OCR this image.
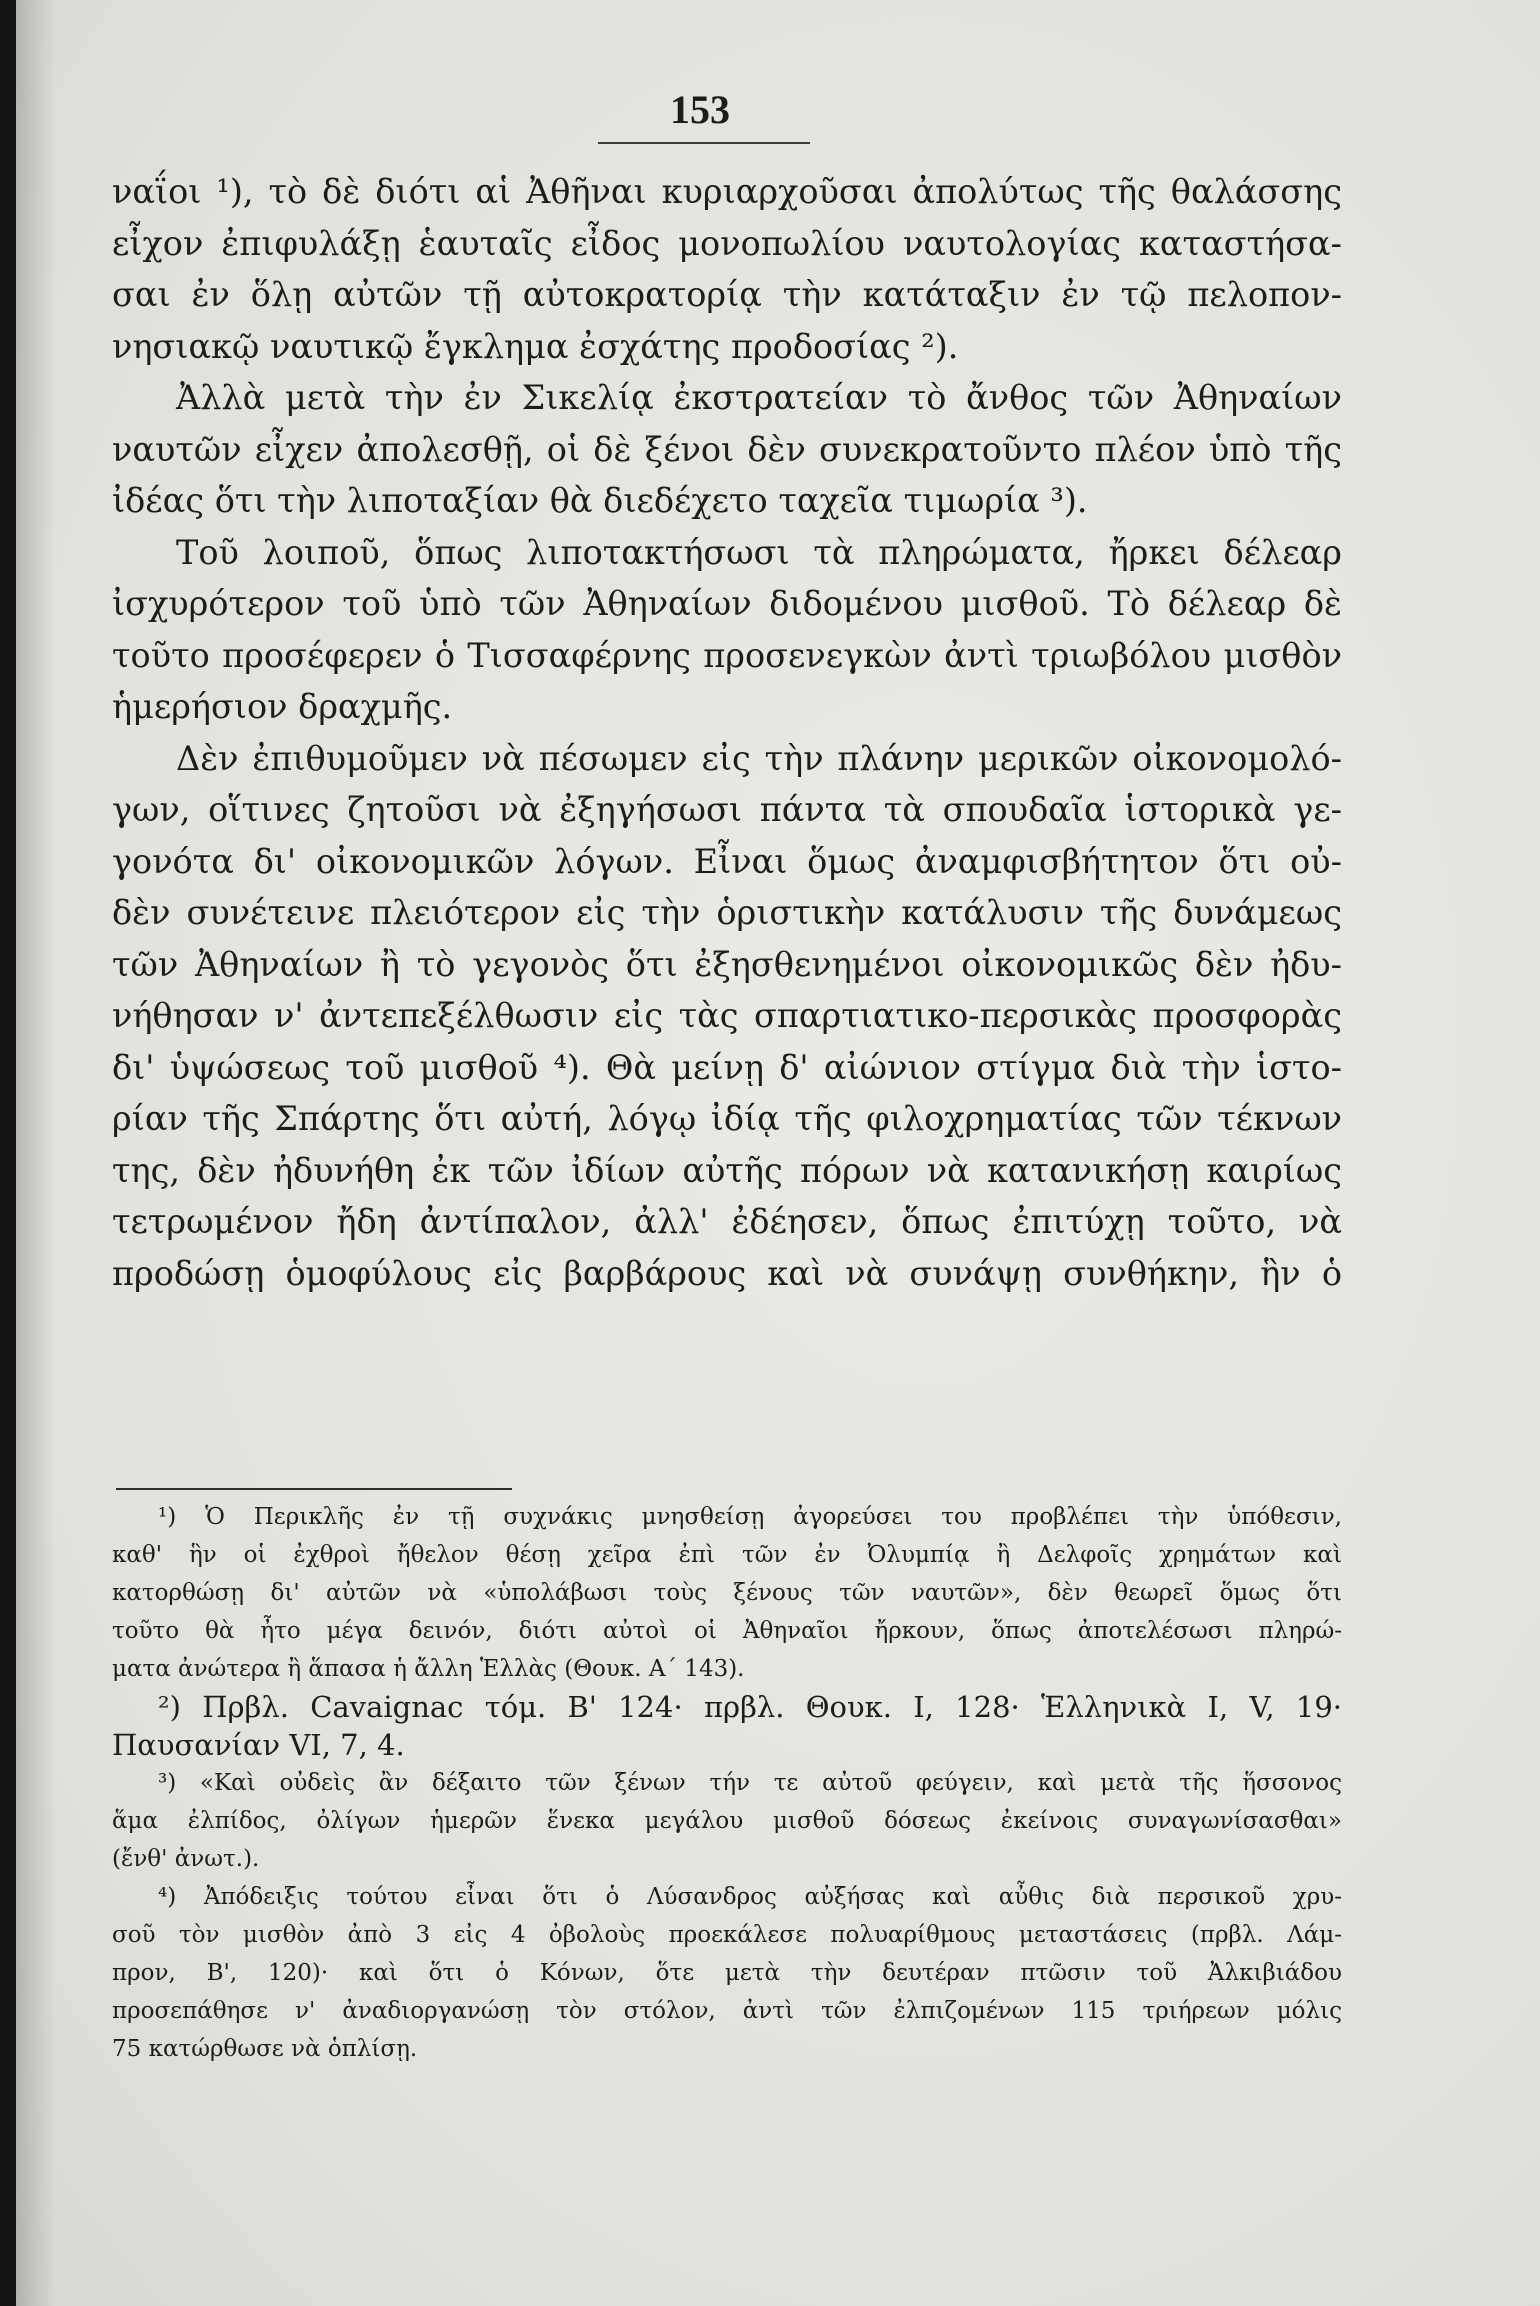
153
ναΐοι ¹), τὸ δὲ διότι αἱ Ἀθῆναι κυριαρχοῦσαι ἀπολύτως τῆς θαλάσσης
εἶχον ἐπιφυλάξῃ ἑαυταῖς εἶδος μονοπωλίου ναυτολογίας καταστήσα-
σαι ἐν ὅλῃ αὐτῶν τῇ αὐτοκρατορίᾳ τὴν κατάταξιν ἐν τῷ πελοπον-
νησιακῷ ναυτικῷ ἔγκλημα ἐσχάτης προδοσίας ²).
Ἀλλὰ μετὰ τὴν ἐν Σικελίᾳ ἐκστρατείαν τὸ ἄνθος τῶν Ἀθηναίων
ναυτῶν εἶχεν ἀπολεσθῇ, οἱ δὲ ξένοι δὲν συνεκρατοῦντο πλέον ὑπὸ τῆς
ἰδέας ὅτι τὴν λιποταξίαν θὰ διεδέχετο ταχεῖα τιμωρία ³).
Τοῦ λοιποῦ, ὅπως λιποτακτήσωσι τὰ πληρώματα, ἤρκει δέλεαρ
ἰσχυρότερον τοῦ ὑπὸ τῶν Ἀθηναίων διδομένου μισθοῦ. Τὸ δέλεαρ δὲ
τοῦτο προσέφερεν ὁ Τισσαφέρνης προσενεγκὼν ἀντὶ τριωβόλου μισθὸν
ἡμερήσιον δραχμῆς.
Δὲν ἐπιθυμοῦμεν νὰ πέσωμεν εἰς τὴν πλάνην μερικῶν οἰκονομολό-
γων, οἵτινες ζητοῦσι νὰ ἐξηγήσωσι πάντα τὰ σπουδαῖα ἱστορικὰ γε-
γονότα δι' οἰκονομικῶν λόγων. Εἶναι ὅμως ἀναμφισβήτητον ὅτι οὐ-
δὲν συνέτεινε πλειότερον εἰς τὴν ὁριστικὴν κατάλυσιν τῆς δυνάμεως
τῶν Ἀθηναίων ἢ τὸ γεγονὸς ὅτι ἐξησθενημένοι οἰκονομικῶς δὲν ἠδυ-
νήθησαν ν' ἀντεπεξέλθωσιν εἰς τὰς σπαρτιατικο-περσικὰς προσφορὰς
δι' ὑψώσεως τοῦ μισθοῦ ⁴). Θὰ μείνῃ δ' αἰώνιον στίγμα διὰ τὴν ἱστο-
ρίαν τῆς Σπάρτης ὅτι αὐτή, λόγῳ ἰδίᾳ τῆς φιλοχρηματίας τῶν τέκνων
της, δὲν ἠδυνήθη ἐκ τῶν ἰδίων αὐτῆς πόρων νὰ κατανικήσῃ καιρίως
τετρωμένον ἤδη ἀντίπαλον, ἀλλ' ἐδέησεν, ὅπως ἐπιτύχῃ τοῦτο, νὰ
προδώσῃ ὁμοφύλους εἰς βαρβάρους καὶ νὰ συνάψῃ συνθήκην, ἣν ὁ
¹) Ὁ Περικλῆς ἐν τῇ συχνάκις μνησθείσῃ ἀγορεύσει του προβλέπει τὴν ὑπόθεσιν,
καθ' ἣν οἱ ἐχθροὶ ἤθελον θέσῃ χεῖρα ἐπὶ τῶν ἐν Ὀλυμπίᾳ ἢ Δελφοῖς χρημάτων καὶ
κατορθώσῃ δι' αὐτῶν νὰ «ὑπολάβωσι τοὺς ξένους τῶν ναυτῶν», δὲν θεωρεῖ ὅμως ὅτι
τοῦτο θὰ ἦτο μέγα δεινόν, διότι αὐτοὶ οἱ Ἀθηναῖοι ἤρκουν, ὅπως ἀποτελέσωσι πληρώ-
ματα ἀνώτερα ἢ ἅπασα ἡ ἄλλη Ἑλλὰς (Θουκ. Α΄ 143).
²) Πρβλ. Cavaignac τόμ. Β' 124· πρβλ. Θουκ. I, 128· Ἑλληνικὰ I, V, 19·
Παυσανίαν VI, 7, 4.
³) «Καὶ οὐδεὶς ἂν δέξαιτο τῶν ξένων τήν τε αὐτοῦ φεύγειν, καὶ μετὰ τῆς ἥσσονος
ἅμα ἐλπίδος, ὀλίγων ἡμερῶν ἕνεκα μεγάλου μισθοῦ δόσεως ἐκείνοις συναγωνίσασθαι»
(ἔνθ' ἀνωτ.).
⁴) Ἀπόδειξις τούτου εἶναι ὅτι ὁ Λύσανδρος αὐξήσας καὶ αὖθις διὰ περσικοῦ χρυ-
σοῦ τὸν μισθὸν ἀπὸ 3 εἰς 4 ὀβολοὺς προεκάλεσε πολυαρίθμους μεταστάσεις (πρβλ. Λάμ-
προν, Β', 120)· καὶ ὅτι ὁ Κόνων, ὅτε μετὰ τὴν δευτέραν πτῶσιν τοῦ Ἀλκιβιάδου
προσεπάθησε ν' ἀναδιοργανώσῃ τὸν στόλον, ἀντὶ τῶν ἐλπιζομένων 115 τριήρεων μόλις
75 κατώρθωσε νὰ ὁπλίσῃ.
